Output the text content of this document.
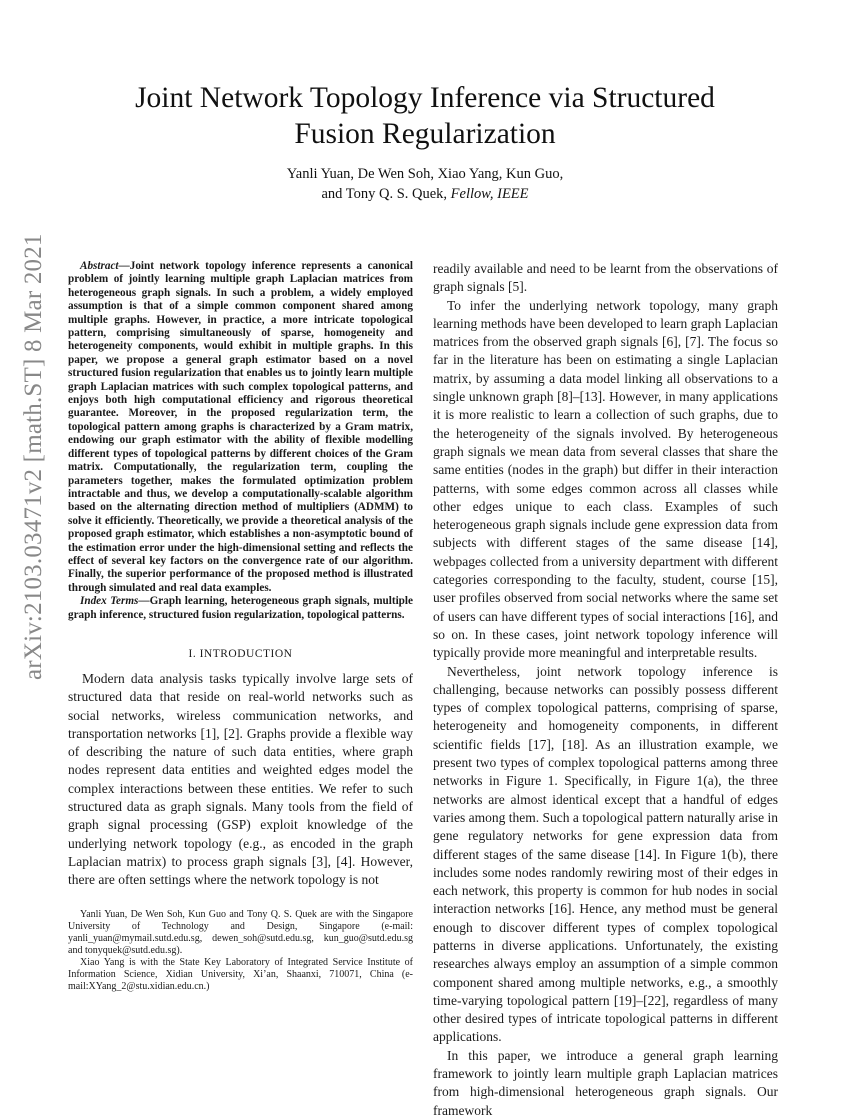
arXiv:2103.03471v2 [math.ST] 8 Mar 2021
Joint Network Topology Inference via Structured
Fusion Regularization
Yanli Yuan, De Wen Soh, Xiao Yang, Kun Guo,
and Tony Q. S. Quek, Fellow, IEEE

Abstract—Joint network topology inference represents a canonical problem of jointly learning multiple graph Laplacian matrices from heterogeneous graph signals. In such a problem, a widely employed assumption is that of a simple common component shared among multiple graphs. However, in practice, a more intricate topological pattern, comprising simultaneously of sparse, homogeneity and heterogeneity components, would exhibit in multiple graphs. In this paper, we propose a general graph estimator based on a novel structured fusion regularization that enables us to jointly learn multiple graph Laplacian matrices with such complex topological patterns, and enjoys both high computational efficiency and rigorous theoretical guarantee. Moreover, in the proposed regularization term, the topological pattern among graphs is characterized by a Gram matrix, endowing our graph estimator with the ability of flexible modelling different types of topological patterns by different choices of the Gram matrix. Computationally, the regularization term, coupling the parameters together, makes the formulated optimization problem intractable and thus, we develop a computationally-scalable algorithm based on the alternating direction method of multipliers (ADMM) to solve it efficiently. Theoretically, we provide a theoretical analysis of the proposed graph estimator, which establishes a non-asymptotic bound of the estimation error under the high-dimensional setting and reflects the effect of several key factors on the convergence rate of our algorithm. Finally, the superior performance of the proposed method is illustrated through simulated and real data examples.

Index Terms—Graph learning, heterogeneous graph signals, multiple graph inference, structured fusion regularization, topological patterns.

I. INTRODUCTION

Modern data analysis tasks typically involve large sets of structured data that reside on real-world networks such as social networks, wireless communication networks, and transportation networks [1], [2]. Graphs provide a flexible way of describing the nature of such data entities, where graph nodes represent data entities and weighted edges model the complex interactions between these entities. We refer to such structured data as graph signals. Many tools from the field of graph signal processing (GSP) exploit knowledge of the underlying network topology (e.g., as encoded in the graph Laplacian matrix) to process graph signals [3], [4]. However, there are often settings where the network topology is not

Yanli Yuan, De Wen Soh, Kun Guo and Tony Q. S. Quek are with the Singapore University of Technology and Design, Singapore (e-mail: yanli_yuan@mymail.sutd.edu.sg, dewen_soh@sutd.edu.sg, kun_guo@sutd.edu.sg and tonyquek@sutd.edu.sg).

Xiao Yang is with the State Key Laboratory of Integrated Service Institute of Information Science, Xidian University, Xi’an, Shaanxi, 710071, China (e-mail:XYang_2@stu.xidian.edu.cn.)

readily available and need to be learnt from the observations of graph signals [5].

To infer the underlying network topology, many graph learning methods have been developed to learn graph Laplacian matrices from the observed graph signals [6], [7]. The focus so far in the literature has been on estimating a single Laplacian matrix, by assuming a data model linking all observations to a single unknown graph [8]–[13]. However, in many applications it is more realistic to learn a collection of such graphs, due to the heterogeneity of the signals involved. By heterogeneous graph signals we mean data from several classes that share the same entities (nodes in the graph) but differ in their interaction patterns, with some edges common across all classes while other edges unique to each class. Examples of such heterogeneous graph signals include gene expression data from subjects with different stages of the same disease [14], webpages collected from a university department with different categories corresponding to the faculty, student, course [15], user profiles observed from social networks where the same set of users can have different types of social interactions [16], and so on. In these cases, joint network topology inference will typically provide more meaningful and interpretable results.

Nevertheless, joint network topology inference is challenging, because networks can possibly possess different types of complex topological patterns, comprising of sparse, heterogeneity and homogeneity components, in different scientific fields [17], [18]. As an illustration example, we present two types of complex topological patterns among three networks in Figure 1. Specifically, in Figure 1(a), the three networks are almost identical except that a handful of edges varies among them. Such a topological pattern naturally arise in gene regulatory networks for gene expression data from different stages of the same disease [14]. In Figure 1(b), there includes some nodes randomly rewiring most of their edges in each network, this property is common for hub nodes in social interaction networks [16]. Hence, any method must be general enough to discover different types of complex topological patterns in diverse applications. Unfortunately, the existing researches always employ an assumption of a simple common component shared among multiple networks, e.g., a smoothly time-varying topological pattern [19]–[22], regardless of many other desired types of intricate topological patterns in different applications.

In this paper, we introduce a general graph learning framework to jointly learn multiple graph Laplacian matrices from high-dimensional heterogeneous graph signals. Our framework
